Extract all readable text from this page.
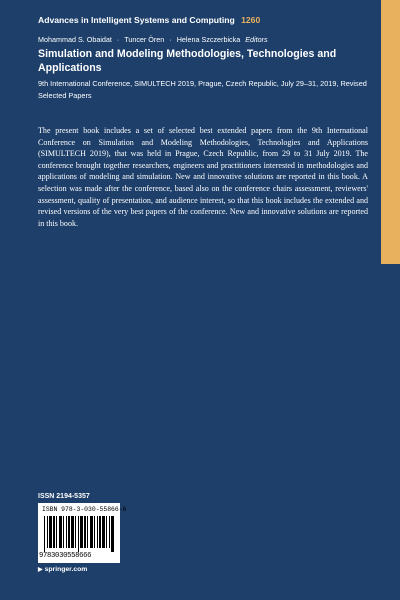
Advances in Intelligent Systems and Computing 1260
Mohammad S. Obaidat · Tuncer Ören · Helena Szczerbicka Editors
Simulation and Modeling Methodologies, Technologies and Applications
9th International Conference, SIMULTECH 2019, Prague, Czech Republic, July 29–31, 2019, Revised Selected Papers
The present book includes a set of selected best extended papers from the 9th International Conference on Simulation and Modeling Methodologies, Technologies and Applications (SIMULTECH 2019), that was held in Prague, Czech Republic, from 29 to 31 July 2019. The conference brought together researchers, engineers and practitioners interested in methodologies and applications of modeling and simulation. New and innovative solutions are reported in this book. A selection was made after the conference, based also on the conference chairs assessment, reviewers' assessment, quality of presentation, and audience interest, so that this book includes the extended and revised versions of the very best papers of the conference. New and innovative solutions are reported in this book.
ISSN 2194-5357
ISBN 978-3-030-55866-6
9783030558666
▶ springer.com
